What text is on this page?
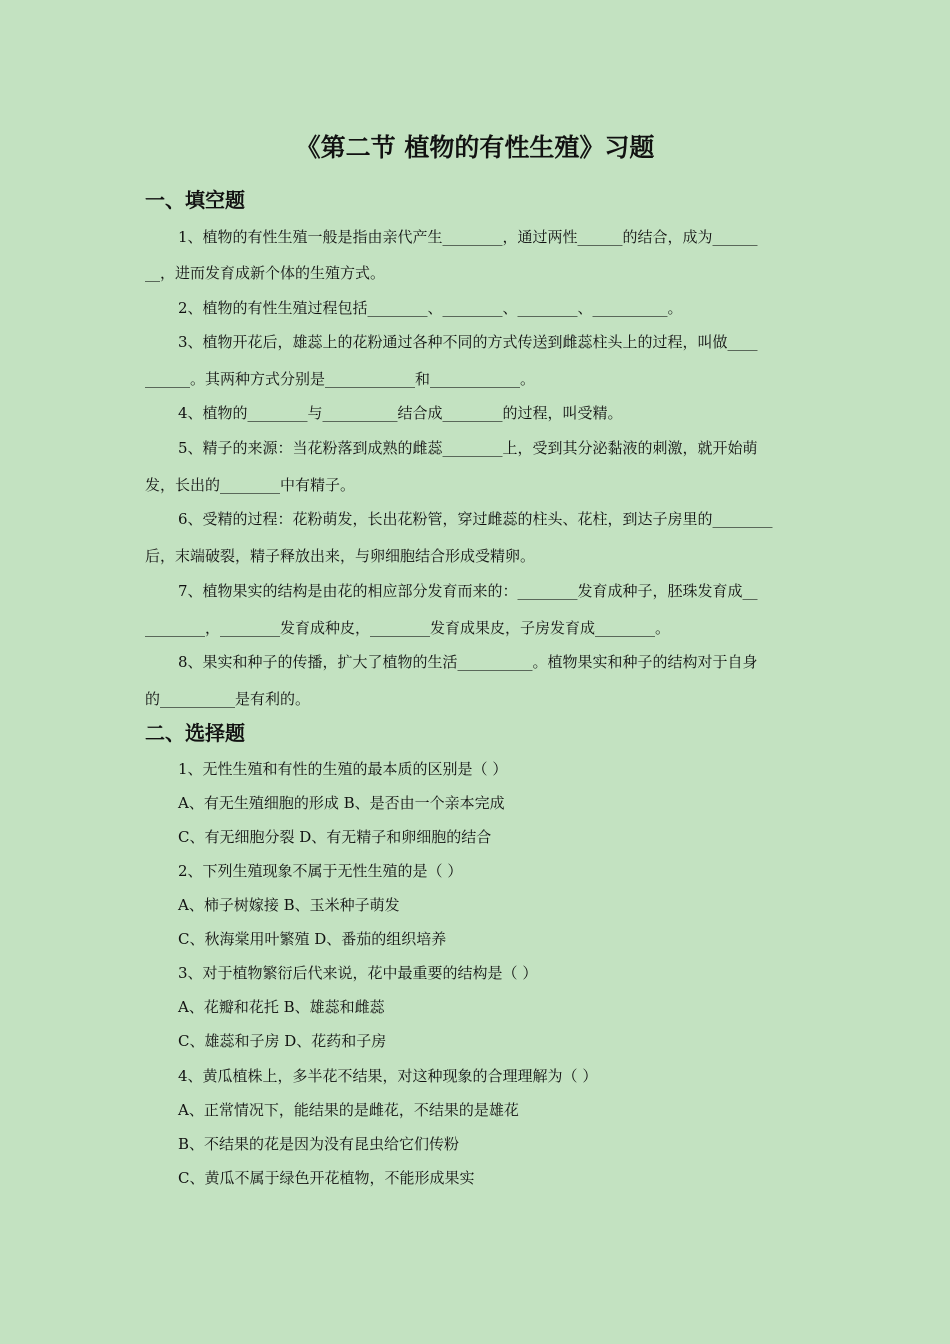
《第二节 植物的有性生殖》习题
一、填空题
1、植物的有性生殖一般是指由亲代产生________，通过两性______的结合，成为______
__，进而发育成新个体的生殖方式。
2、植物的有性生殖过程包括________、________、________、__________。
3、植物开花后，雄蕊上的花粉通过各种不同的方式传送到雌蕊柱头上的过程，叫做____
______。其两种方式分别是____________和____________。
4、植物的________与__________结合成________的过程，叫受精。
5、精子的来源：当花粉落到成熟的雌蕊________上，受到其分泌黏液的刺激，就开始萌
发，长出的________中有精子。
6、受精的过程：花粉萌发，长出花粉管，穿过雌蕊的柱头、花柱，到达子房里的________
后，末端破裂，精子释放出来，与卵细胞结合形成受精卵。
7、植物果实的结构是由花的相应部分发育而来的：________发育成种子，胚珠发育成__
________，________发育成种皮，________发育成果皮，子房发育成________。
8、果实和种子的传播，扩大了植物的生活__________。植物果实和种子的结构对于自身
的__________是有利的。
二、选择题
1、无性生殖和有性的生殖的最本质的区别是（ ）
A、有无生殖细胞的形成 B、是否由一个亲本完成
C、有无细胞分裂 D、有无精子和卵细胞的结合
2、下列生殖现象不属于无性生殖的是（ ）
A、柿子树嫁接 B、玉米种子萌发
C、秋海棠用叶繁殖 D、番茄的组织培养
3、对于植物繁衍后代来说，花中最重要的结构是（ ）
A、花瓣和花托 B、雄蕊和雌蕊
C、雄蕊和子房 D、花药和子房
4、黄瓜植株上，多半花不结果，对这种现象的合理理解为（ ）
A、正常情况下，能结果的是雌花，不结果的是雄花
B、不结果的花是因为没有昆虫给它们传粉
C、黄瓜不属于绿色开花植物，不能形成果实
